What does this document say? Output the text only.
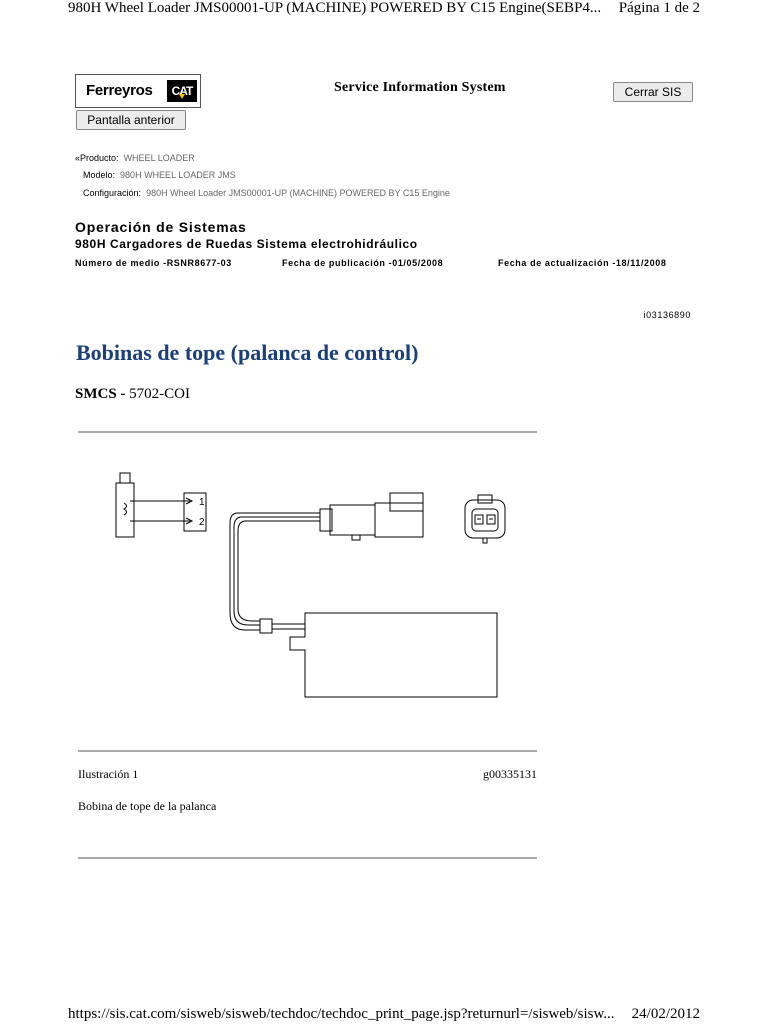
980H Wheel Loader JMS00001-UP (MACHINE) POWERED BY C15 Engine(SEBP4... Página 1 de 2
Ferreyros	CAT	Service Information System	Cerrar SIS
Pantalla anterior
«Producto: WHEEL LOADER
Modelo: 980H WHEEL LOADER JMS
Configuración: 980H Wheel Loader JMS00001-UP (MACHINE) POWERED BY C15 Engine
Operación de Sistemas
980H Cargadores de Ruedas Sistema electrohidráulico
Número de medio -RSNR8677-03	Fecha de publicación -01/05/2008	Fecha de actualización -18/11/2008
i03136890
Bobinas de tope (palanca de control)
SMCS - 5702-COI
1
2
Ilustración 1	g00335131
Bobina de tope de la palanca
https://sis.cat.com/sisweb/sisweb/techdoc/techdoc_print_page.jsp?returnurl=/sisweb/sisw... 24/02/2012
